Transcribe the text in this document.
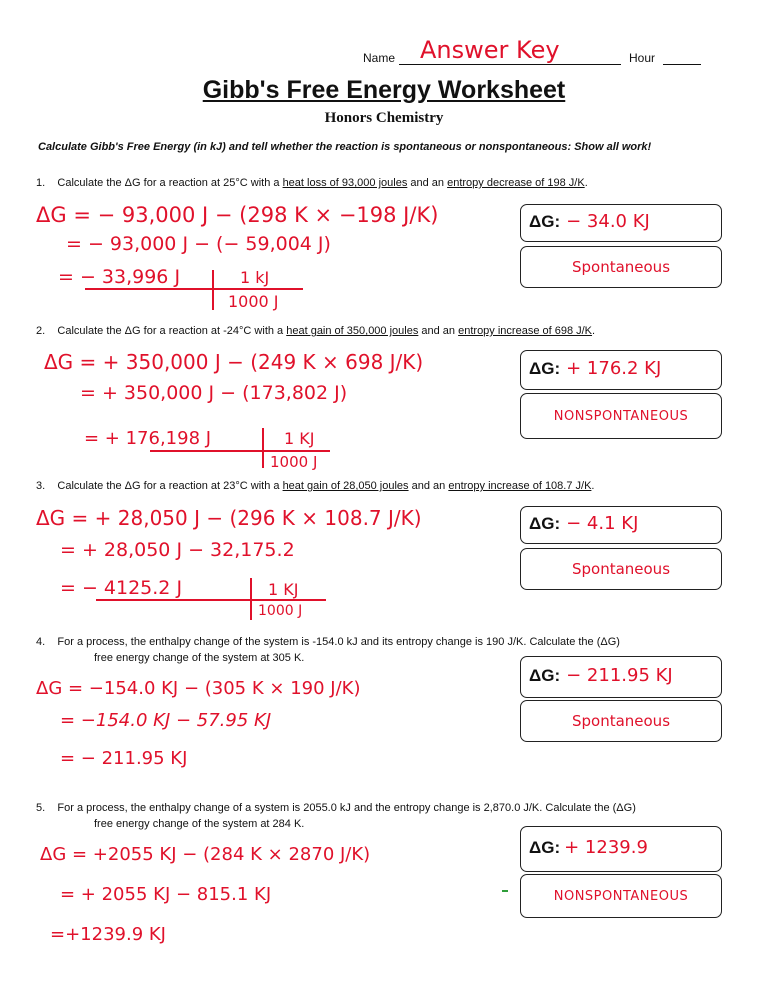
Name Answer Key	Hour
Gibb's Free Energy Worksheet
Honors Chemistry
Calculate Gibb's Free Energy (in kJ) and tell whether the reaction is spontaneous or nonspontaneous: Show all work!
1. Calculate the ΔG for a reaction at 25°C with a heat loss of 93,000 joules and an entropy decrease of 198 J/K.
ΔG = − 93,000 J − (298 K × −198 J/K)
= − 93,000 J − (− 59,004 J)
= − 33,996 J	1 kJ
1000 J
ΔG: − 34.0 KJ
Spontaneous
2. Calculate the ΔG for a reaction at -24°C with a heat gain of 350,000 joules and an entropy increase of 698 J/K.
ΔG = + 350,000 J − (249 K × 698 J/K)
= + 350,000 J − (173,802 J)
= + 176,198 J	1 KJ
1000 J
ΔG: + 176.2 KJ
NONSPONTANEOUS
3. Calculate the ΔG for a reaction at 23°C with a heat gain of 28,050 joules and an entropy increase of 108.7 J/K.
ΔG = + 28,050 J − (296 K × 108.7 J/K)
= + 28,050 J − 32,175.2
= − 4125.2 J	1 KJ
1000 J
ΔG: − 4.1 KJ
Spontaneous
4. For a process, the enthalpy change of the system is -154.0 kJ and its entropy change is 190 J/K. Calculate the (ΔG)
free energy change of the system at 305 K.
ΔG = −154.0 KJ − (305 K × 190 J/K)
= −154.0 KJ − 57.95 KJ
= − 211.95 KJ
ΔG: − 211.95 KJ
Spontaneous
5. For a process, the enthalpy change of a system is 2055.0 kJ and the entropy change is 2,870.0 J/K. Calculate the (ΔG)
free energy change of the system at 284 K.
ΔG = +2055 KJ − (284 K × 2870 J/K)
= + 2055 KJ − 815.1 KJ
=+1239.9 KJ
ΔG: + 1239.9
NONSPONTANEOUS
